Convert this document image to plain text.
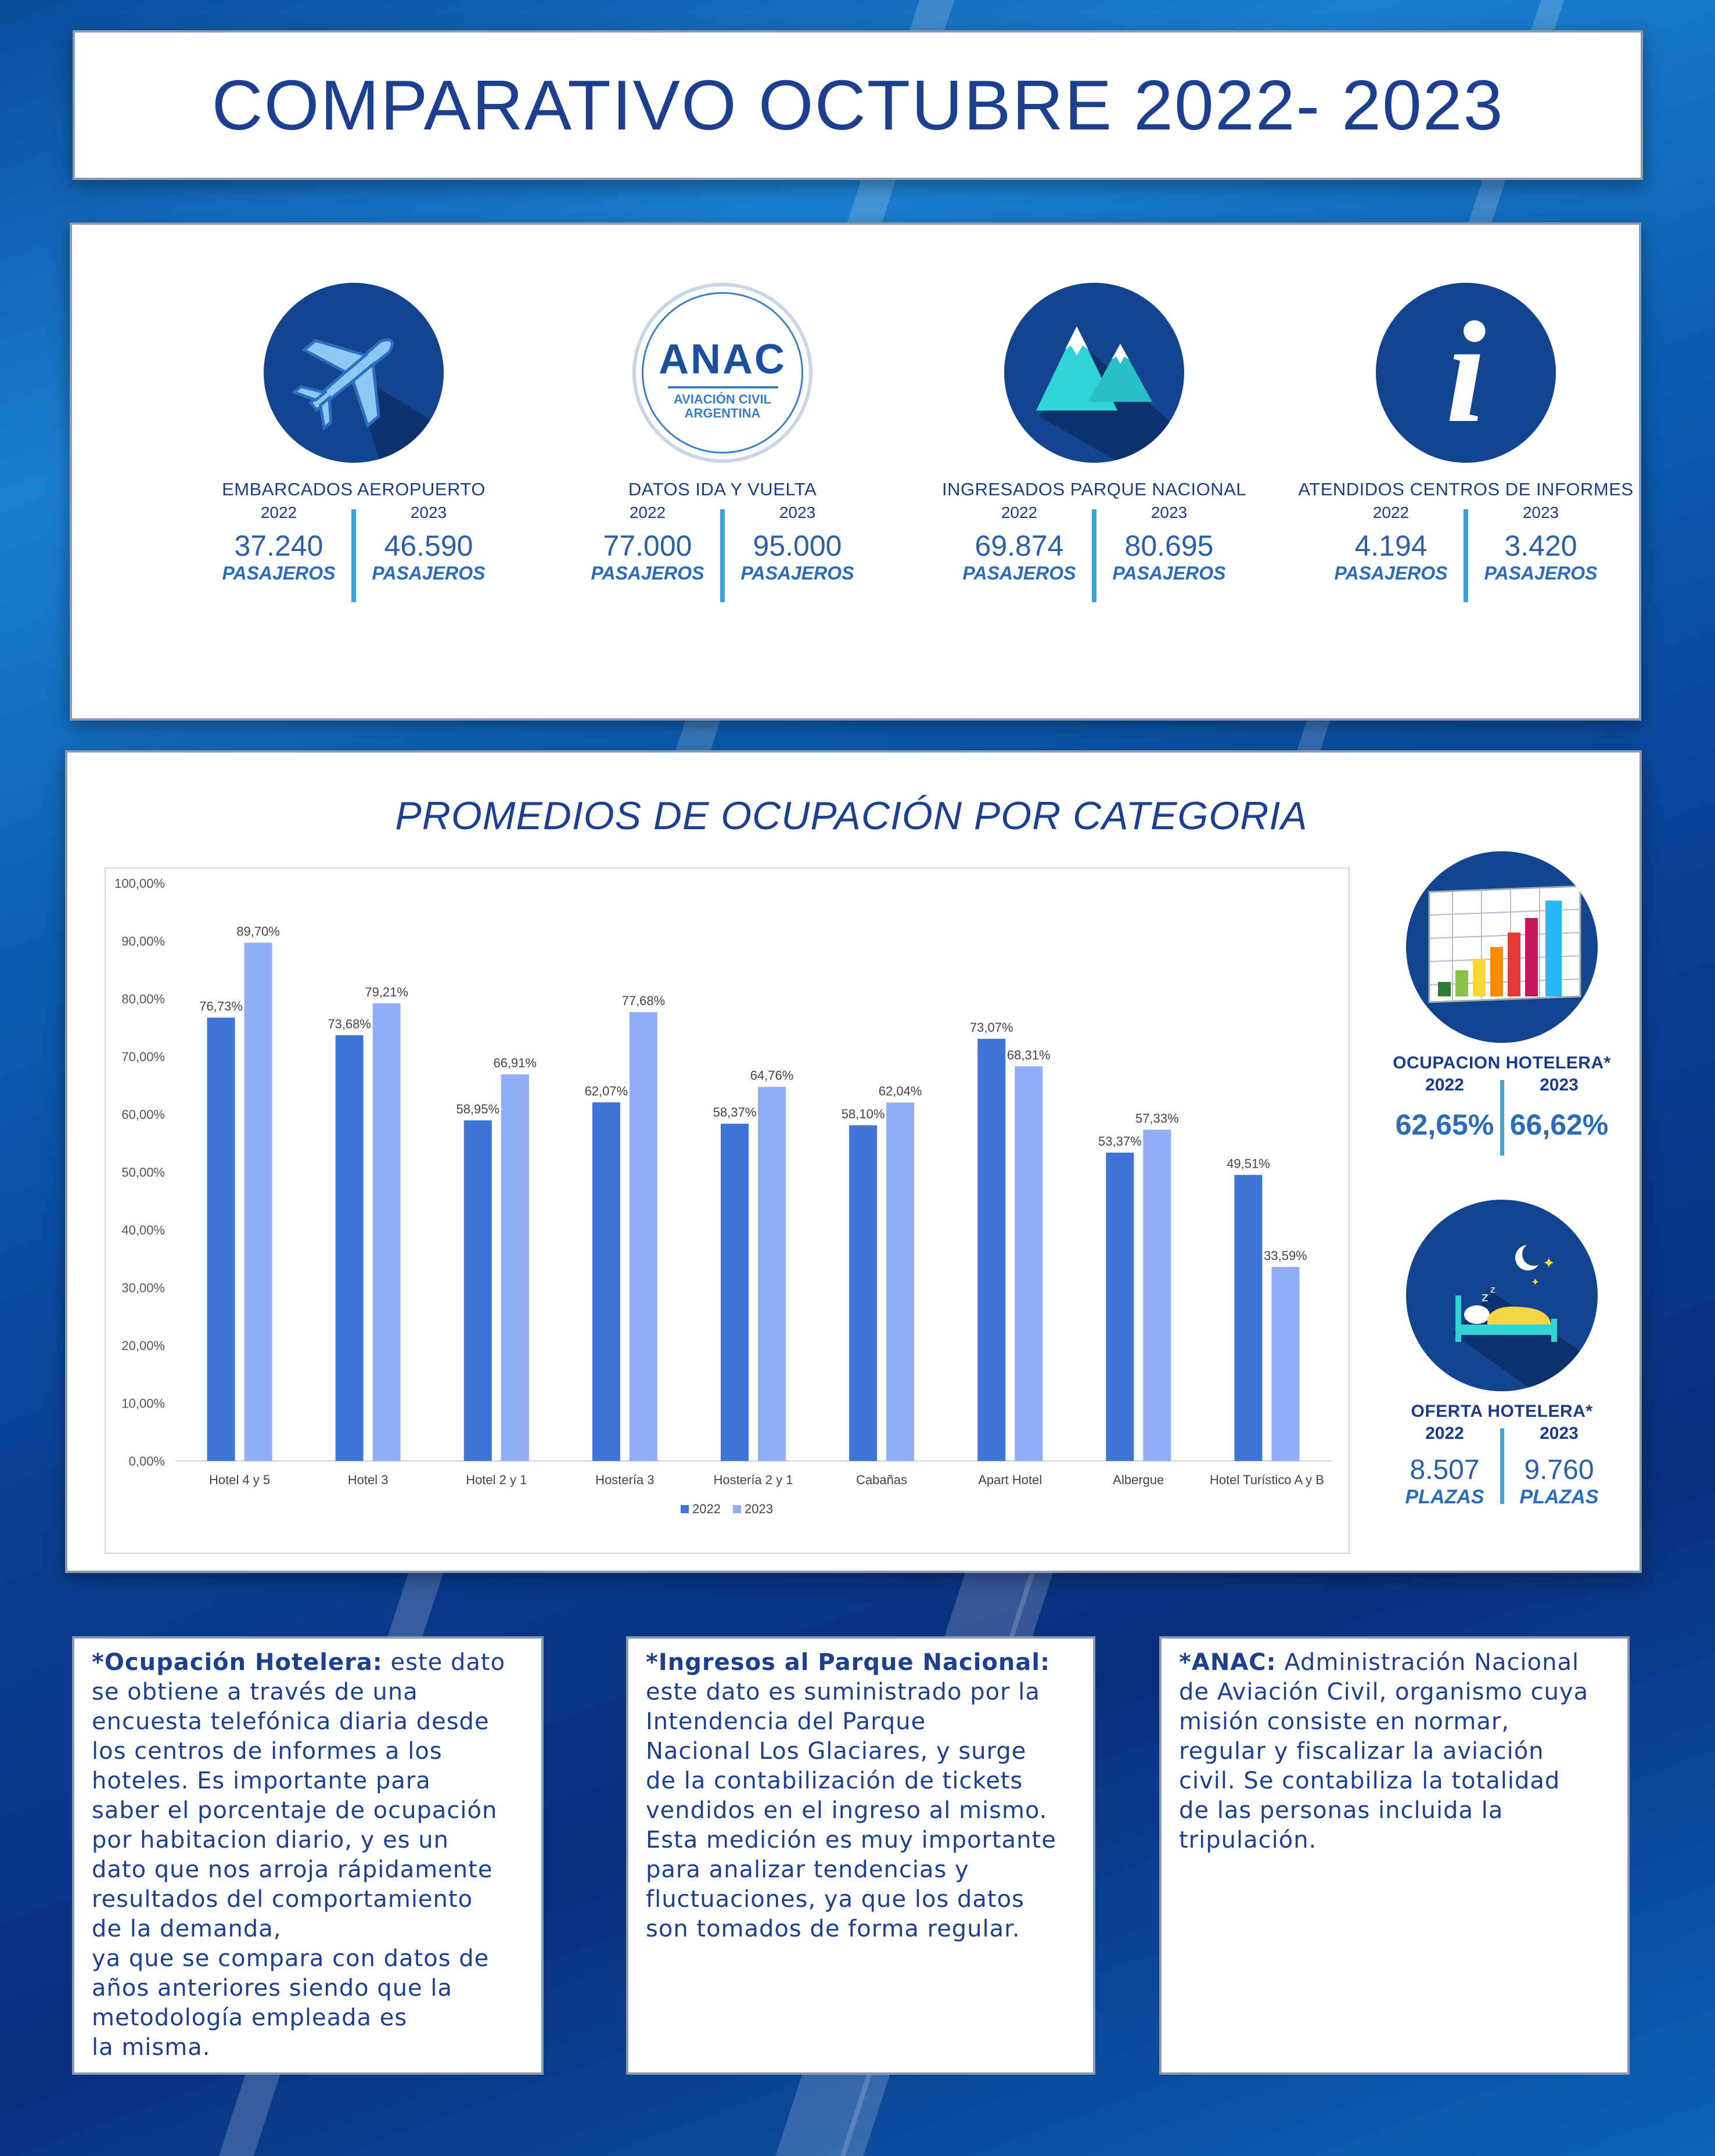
COMPARATIVO OCTUBRE 2022- 2023
EMBARCADOS AEROPUERTO
2022
37.240
PASAJEROS
2023
46.590
PASAJEROS
ANAC
AVIACIÓN CIVIL
ARGENTINA
DATOS IDA Y VUELTA
2022
77.000
PASAJEROS
2023
95.000
PASAJEROS
INGRESADOS PARQUE NACIONAL
2022
69.874
PASAJEROS
2023
80.695
PASAJEROS
i
ATENDIDOS CENTROS DE INFORMES
2022
4.194
PASAJEROS
2023
3.420
PASAJEROS
PROMEDIOS DE OCUPACIÓN POR CATEGORIA
0,00%
10,00%
20,00%
30,00%
40,00%
50,00%
60,00%
70,00%
80,00%
90,00%
100,00%
76,73%
89,70%
Hotel 4 y 5
73,68%
79,21%
Hotel 3
58,95%
66,91%
Hotel 2 y 1
62,07%
77,68%
Hostería 3
58,37%
64,76%
Hostería 2 y 1
58,10%
62,04%
Cabañas
73,07%
68,31%
Apart Hotel
53,37%
57,33%
Albergue
49,51%
33,59%
Hotel Turístico A y B
2022 2023
OCUPACION HOTELERA*
2022
62,65%
2023
66,62%
✦
✦
z
z
OFERTA HOTELERA*
2022
8.507
PLAZAS
2023
9.760
PLAZAS
*Ocupación Hotelera: este dato
se obtiene a través de una
encuesta telefónica diaria desde
los centros de informes a los
hoteles. Es importante para
saber el porcentaje de ocupación
por habitacion diario, y es un
dato que nos arroja rápidamente
resultados del comportamiento
de la demanda,
ya que se compara con datos de
años anteriores siendo que la
metodología empleada es
la misma.
*Ingresos al Parque Nacional:
este dato es suministrado por la
Intendencia del Parque
Nacional Los Glaciares, y surge
de la contabilización de tickets
vendidos en el ingreso al mismo.
Esta medición es muy importante
para analizar tendencias y
fluctuaciones, ya que los datos
son tomados de forma regular.
*ANAC: Administración Nacional
de Aviación Civil, organismo cuya
misión consiste en normar,
regular y fiscalizar la aviación
civil. Se contabiliza la totalidad
de las personas incluida la
tripulación.
